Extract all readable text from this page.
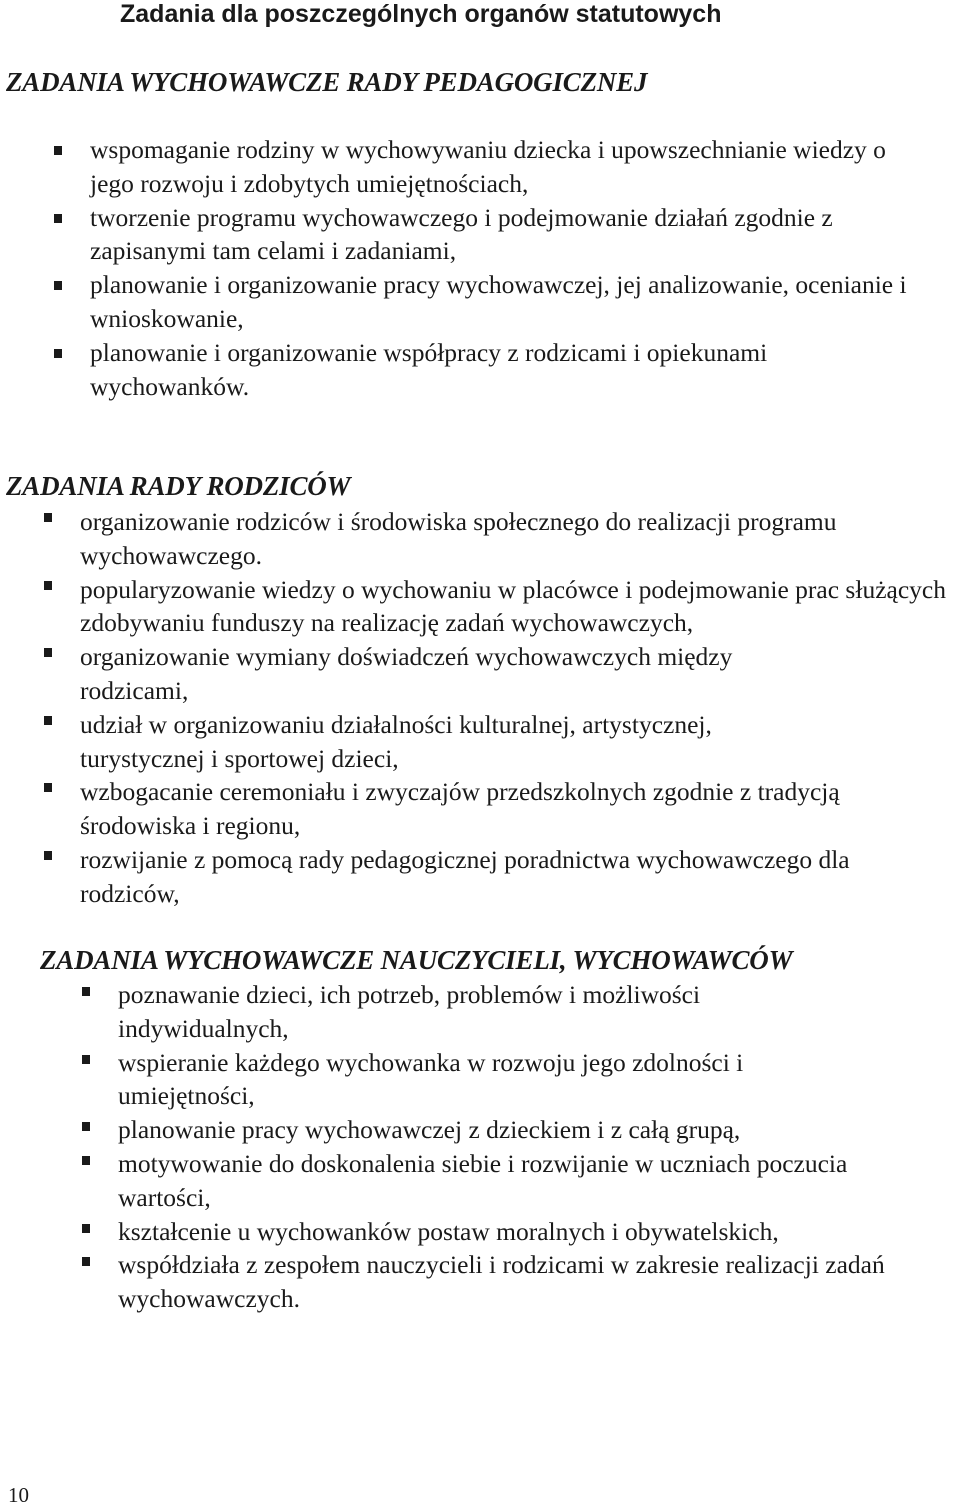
Zadania dla poszczególnych organów statutowych
ZADANIA WYCHOWAWCZE RADY PEDAGOGICZNEJ
wspomaganie rodziny w wychowywaniu dziecka i upowszechnianie wiedzy o jego rozwoju i zdobytych umiejętnościach,
tworzenie programu wychowawczego i podejmowanie działań zgodnie z zapisanymi tam celami i zadaniami,
planowanie i organizowanie pracy wychowawczej, jej analizowanie, ocenianie i wnioskowanie,
planowanie i organizowanie współpracy z rodzicami i opiekunami wychowanków.
ZADANIA RADY RODZICÓW
organizowanie rodziców i środowiska społecznego do realizacji programu wychowawczego.
popularyzowanie wiedzy o wychowaniu w placówce i podejmowanie prac służących zdobywaniu funduszy na realizację zadań wychowawczych,
organizowanie wymiany doświadczeń wychowawczych między rodzicami,
udział w organizowaniu działalności kulturalnej, artystycznej, turystycznej i sportowej dzieci,
wzbogacanie ceremoniału i zwyczajów przedszkolnych zgodnie z tradycją środowiska i regionu,
rozwijanie z pomocą rady pedagogicznej poradnictwa wychowawczego dla rodziców,
ZADANIA WYCHOWAWCZE NAUCZYCIELI, WYCHOWAWCÓW
poznawanie dzieci, ich potrzeb, problemów i możliwości indywidualnych,
wspieranie każdego wychowanka w rozwoju jego zdolności i umiejętności,
planowanie pracy wychowawczej z dzieckiem i z całą grupą,
motywowanie do doskonalenia siebie i rozwijanie w uczniach poczucia wartości,
kształcenie u wychowanków postaw moralnych i obywatelskich,
współdziała z zespołem nauczycieli i rodzicami w zakresie realizacji zadań wychowawczych.

10
